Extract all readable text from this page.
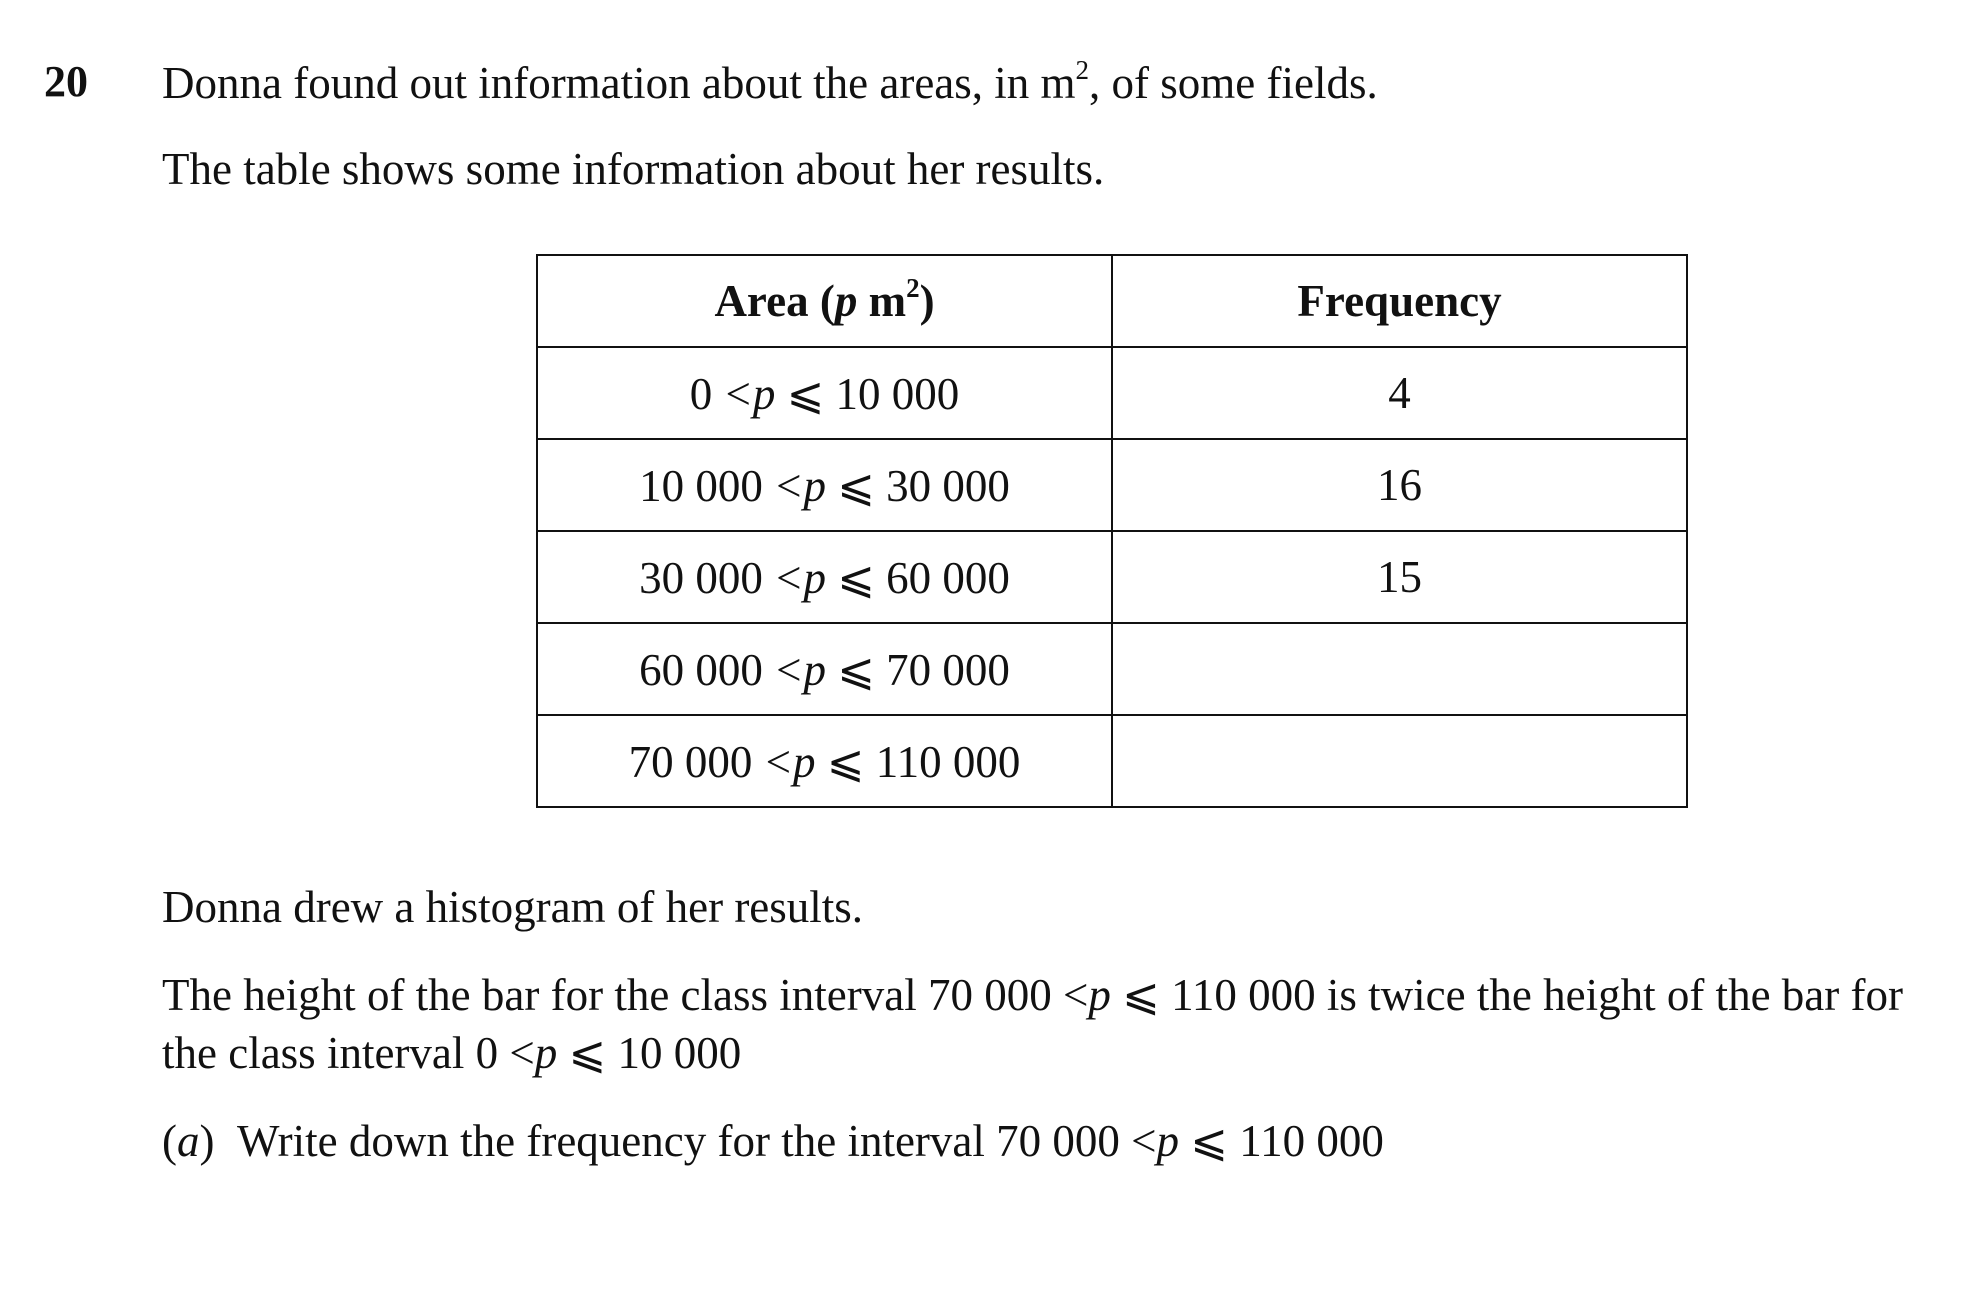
20 Donna found out information about the areas, in $m^2$, of some fields.
The table shows some information about her results.
Area (p $m^2$)	Frequency
0 <p ⩽ 10 000	4
10 000 <p ⩽ 30 000	16
30 000 <p ⩽ 60 000	15
60 000 <p ⩽ 70 000	
70 000 <p ⩽ 110 000	
Donna drew a histogram of her results.
The height of the bar for the class interval 70 000 <p ⩽ 110 000 is twice the height of the bar for the class interval 0 <p ⩽ 10 000
(a)  Write down the frequency for the interval 70 000 <p ⩽ 110 000
